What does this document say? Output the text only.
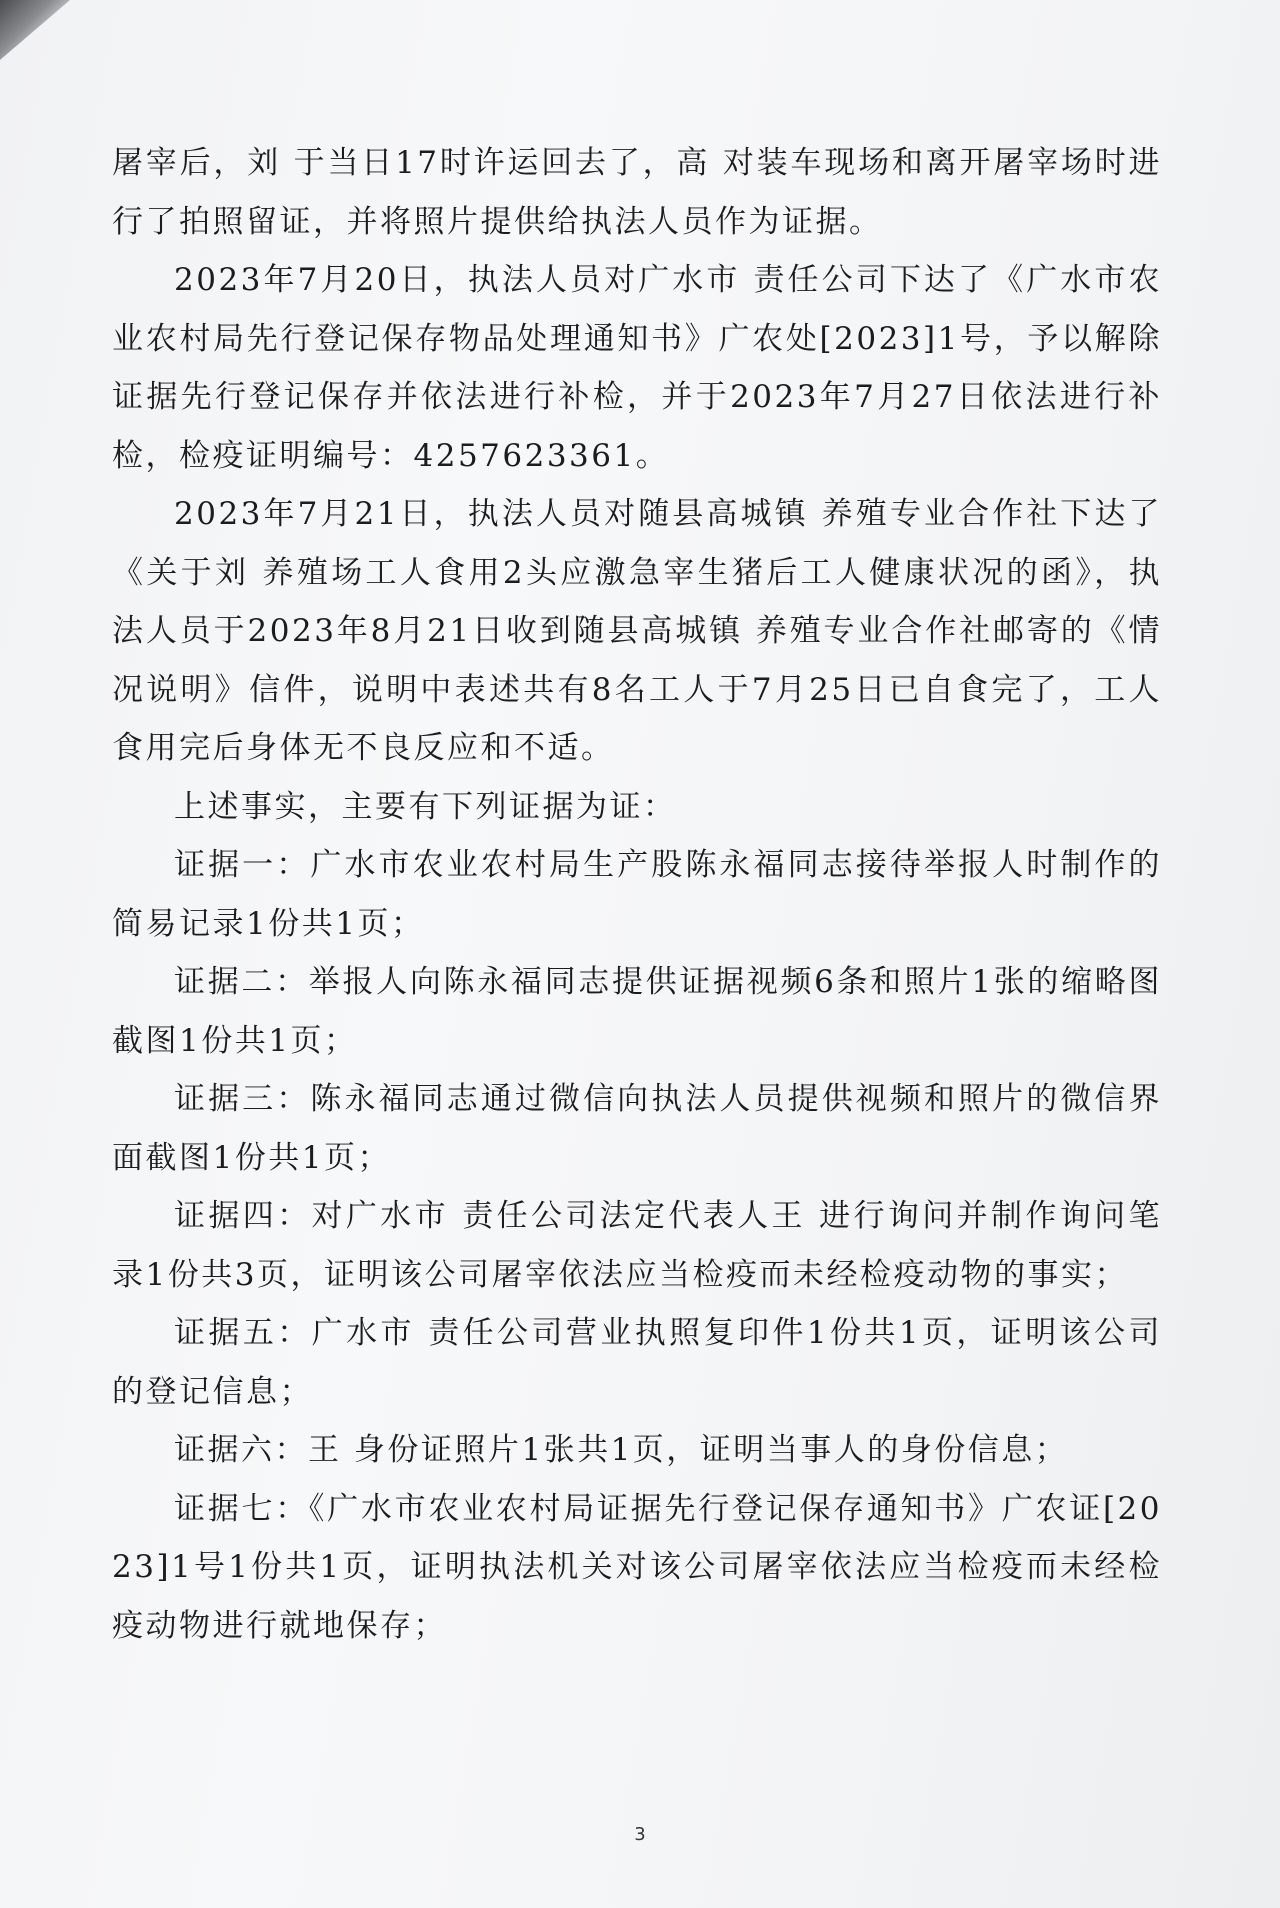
屠宰后，刘 于当日17时许运回去了，高 对装车现场和离开屠宰场时进行了拍照留证，并将照片提供给执法人员作为证据。

2023年7月20日，执法人员对广水市 责任公司下达了《广水市农业农村局先行登记保存物品处理通知书》广农处[2023]1号，予以解除证据先行登记保存并依法进行补检，并于2023年7月27日依法进行补检，检疫证明编号：4257623361。

2023年7月21日，执法人员对随县高城镇 养殖专业合作社下达了《关于刘 养殖场工人食用2头应激急宰生猪后工人健康状况的函》，执法人员于2023年8月21日收到随县高城镇 养殖专业合作社邮寄的《情况说明》信件，说明中表述共有8名工人于7月25日已自食完了，工人食用完后身体无不良反应和不适。

上述事实，主要有下列证据为证：

证据一：广水市农业农村局生产股陈永福同志接待举报人时制作的简易记录1份共1页；

证据二：举报人向陈永福同志提供证据视频6条和照片1张的缩略图截图1份共1页；

证据三：陈永福同志通过微信向执法人员提供视频和照片的微信界面截图1份共1页；

证据四：对广水市 责任公司法定代表人王 进行询问并制作询问笔录1份共3页，证明该公司屠宰依法应当检疫而未经检疫动物的事实；

证据五：广水市 责任公司营业执照复印件1份共1页，证明该公司的登记信息；

证据六：王 身份证照片1张共1页，证明当事人的身份信息；

证据七：《广水市农业农村局证据先行登记保存通知书》广农证[2023]1号1份共1页，证明执法机关对该公司屠宰依法应当检疫而未经检疫动物进行就地保存；

3
